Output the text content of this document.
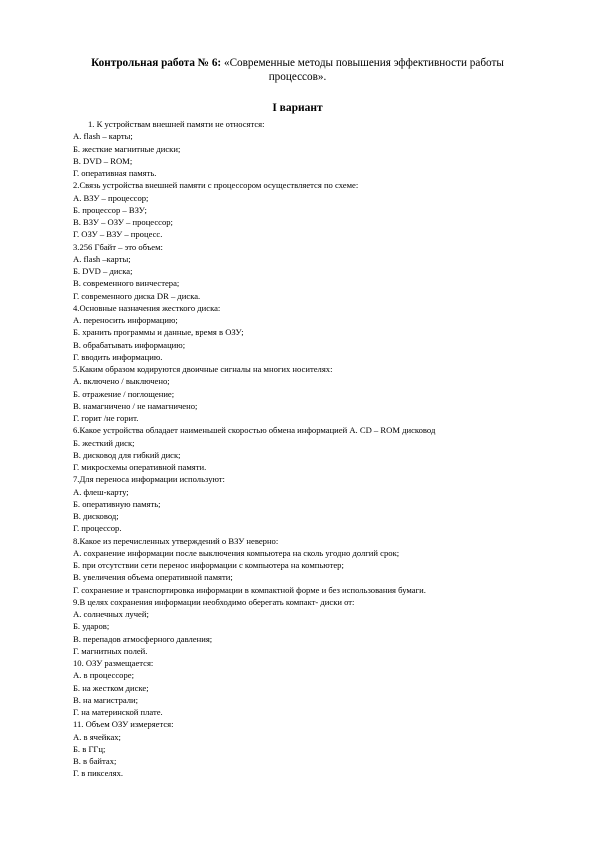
Контрольная работа № 6: «Современные методы повышения эффективности работы процессов».
I вариант
1. К устройствам внешней памяти не относятся:
А. flash – карты;
Б. жесткие магнитные диски;
В. DVD – ROM;
Г. оперативная память.
2.Связь устройства внешней памяти с процессором осуществляется по схеме:
А. ВЗУ – процессор;
Б. процессор – ВЗУ;
В. ВЗУ – ОЗУ – процессор;
Г. ОЗУ – ВЗУ – процесс.
3.256 Гбайт – это объем:
А. flash –карты;
Б. DVD – диска;
В. современного винчестера;
Г. современного диска DR – диска.
4.Основные назначения жесткого диска:
А. переносить информацию;
Б. хранить программы и данные, время в ОЗУ;
В. обрабатывать информацию;
Г. вводить информацию.
5.Каким образом кодируются двоичные сигналы на многих носителях:
А. включено / выключено;
Б. отражение / поглощение;
В. намагничено / не намагничено;
Г. горит /не горит.
6.Какое устройства обладает наименьшей скоростью обмена информацией А. CD – ROM дисковод
Б. жесткий диск;
В. дисковод для гибкий диск;
Г. микросхемы оперативной памяти.
7.Для переноса информации используют:
А. флеш-карту;
Б. оперативную память;
В. дисковод;
Г. процессор.
8.Какое из перечисленных утверждений о ВЗУ неверно:
А. сохранение информации после выключения компьютера на сколь угодно долгий срок;
Б. при отсутствии сети перенос информации с компьютера на компьютер;
В. увеличения объема оперативной памяти;
Г. сохранение и транспортировка информации в компактной форме и без использования бумаги.
9.В целях сохранения информации необходимо оберегать компакт- диски от:
А. солнечных лучей;
Б. ударов;
В. перепадов атмосферного давления;
Г. магнитных полей.
10. ОЗУ размещается:
А. в процессоре;
Б. на жестком диске;
В. на магистрали;
Г. на материнской плате.
11. Объем ОЗУ измеряется:
А. в ячейках;
Б. в ГГц;
В. в байтах;
Г. в пикселях.
